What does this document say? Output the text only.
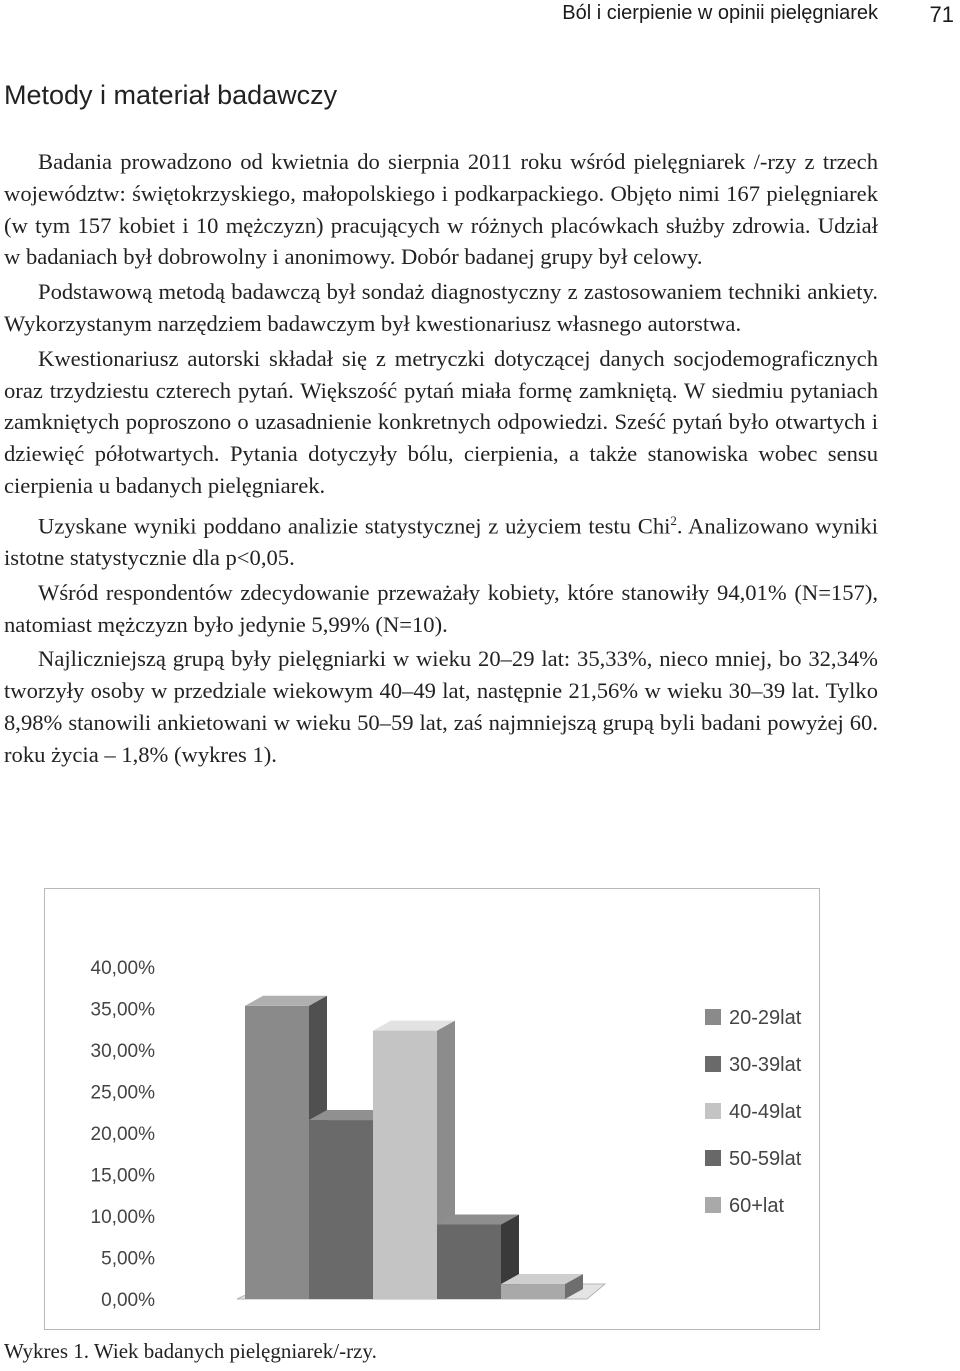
Ból i cierpienie w opinii pielęgniarek 71
Metody i materiał badawczy

Badania prowadzono od kwietnia do sierpnia 2011 roku wśród pielęgniarek /-rzy z trzech województw: świętokrzyskiego, małopolskiego i podkarpackiego. Objęto nimi 167 pielęgniarek (w tym 157 kobiet i 10 mężczyzn) pracujących w różnych placówkach służby zdrowia. Udział w badaniach był dobrowolny i anonimowy. Dobór badanej grupy był celowy.

Podstawową metodą badawczą był sondaż diagnostyczny z zastosowaniem techniki ankiety. Wykorzystanym narzędziem badawczym był kwestionariusz własnego autorstwa.

Kwestionariusz autorski składał się z metryczki dotyczącej danych socjodemograficznych oraz trzydziestu czterech pytań. Większość pytań miała formę zamkniętą. W siedmiu pytaniach zamkniętych poproszono o uzasadnienie konkretnych odpowiedzi. Sześć pytań było otwartych i dziewięć półotwartych. Pytania dotyczyły bólu, cierpienia, a także stanowiska wobec sensu cierpienia u badanych pielęgniarek.

Uzyskane wyniki poddano analizie statystycznej z użyciem testu Chi$^2$. Analizowano wyniki istotne statystycznie dla p<0,05.

Wśród respondentów zdecydowanie przeważały kobiety, które stanowiły 94,01% (N=157), natomiast mężczyzn było jedynie 5,99% (N=10).

Najliczniejszą grupą były pielęgniarki w wieku 20–29 lat: 35,33%, nieco mniej, bo 32,34% tworzyły osoby w przedziale wiekowym 40–49 lat, następnie 21,56% w wieku 30–39 lat. Tylko 8,98% stanowili ankietowani w wieku 50–59 lat, zaś najmniejszą grupą byli badani powyżej 60. roku życia – 1,8% (wykres 1).

0,00%
5,00%
10,00%
15,00%
20,00%
25,00%
30,00%
35,00%
40,00%
20-29lat
30-39lat
40-49lat
50-59lat
60+lat
Wykres 1. Wiek badanych pielęgniarek/-rzy.
